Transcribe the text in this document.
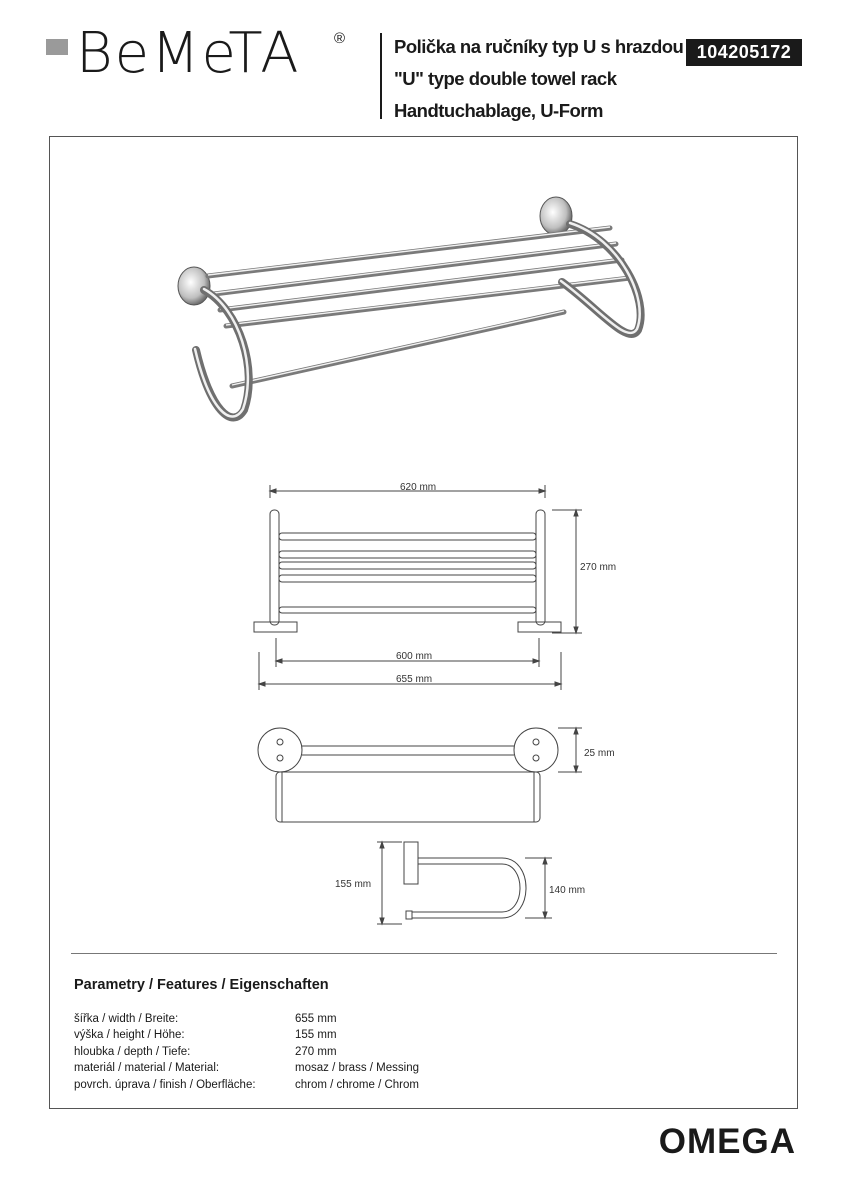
BeMeTA ®	Polička na ručníky typ U s hrazdou
"U" type double towel rack
Handtuchablage, U-Form
104205172
620 mm
270 mm
600 mm
655 mm
25 mm
155 mm
140 mm
Parametry / Features / Eigenschaften
šířka / width / Breite:	655 mm
výška / height / Höhe:	155 mm
hloubka / depth / Tiefe:	270 mm
materiál / material / Material:	mosaz / brass / Messing
povrch. úprava / finish / Oberfläche:	chrom / chrome / Chrom
OMEGA
